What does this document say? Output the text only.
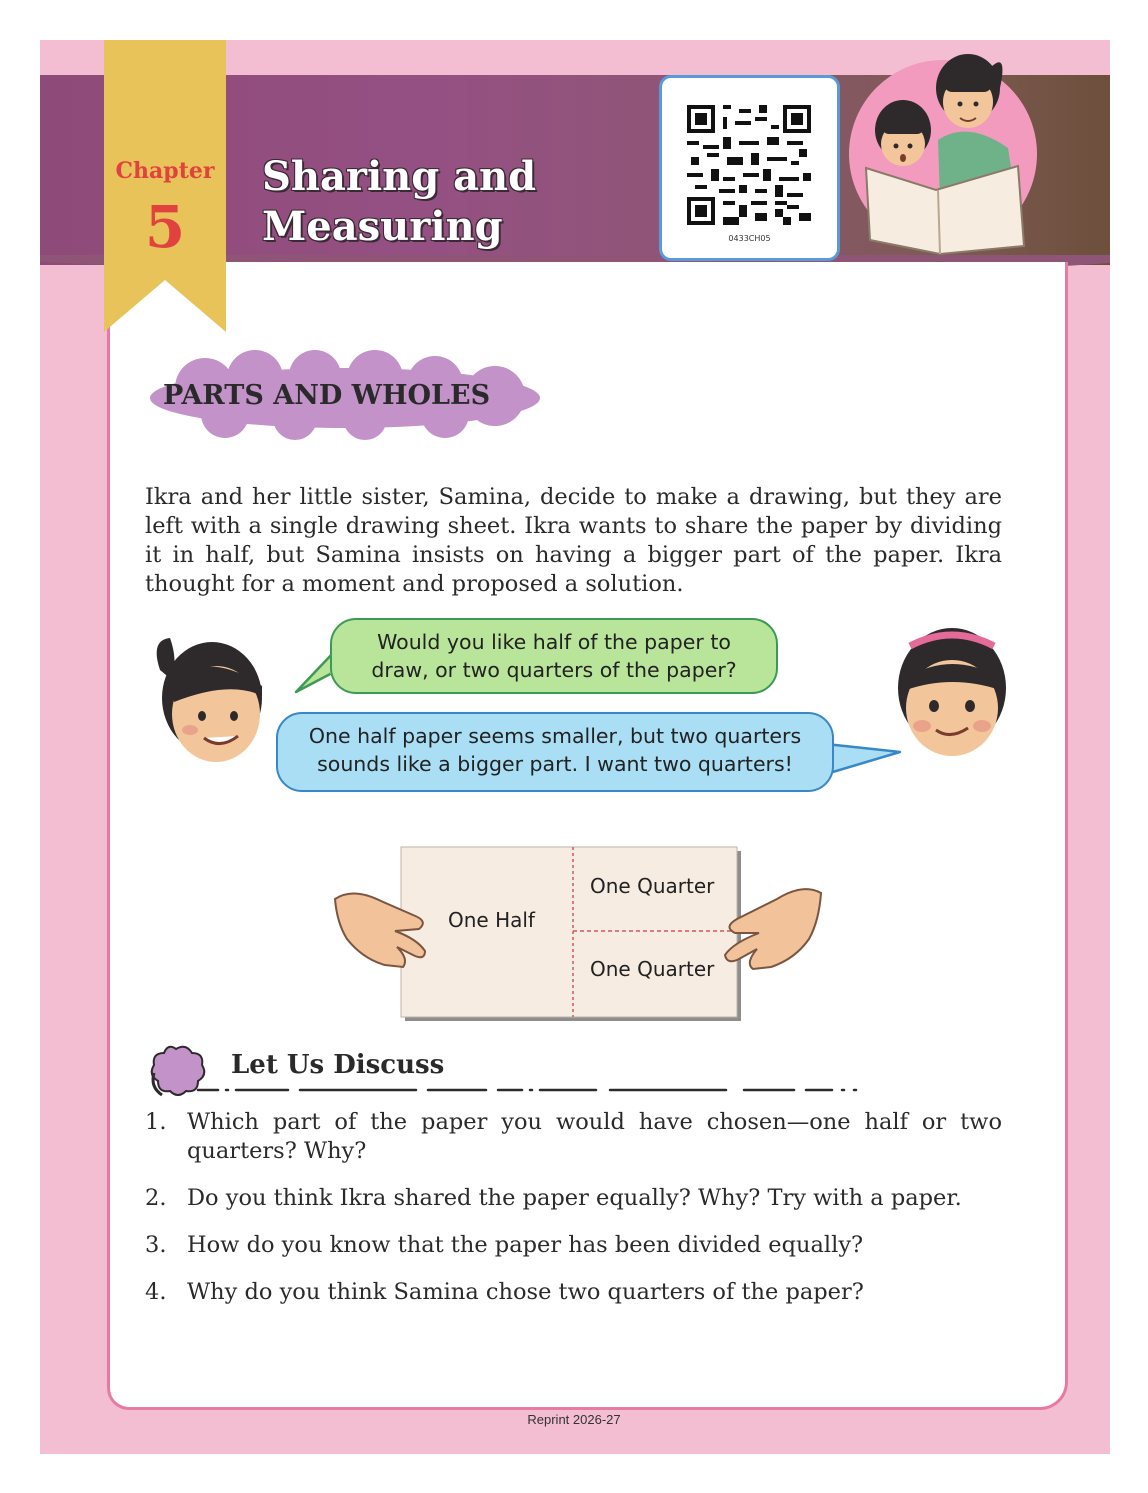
Chapter
5
Sharing and
Measuring	0433CH05
PARTS AND WHOLES

Ikra and her little sister, Samina, decide to make a drawing, but they are left with a single drawing sheet. Ikra wants to share the paper by dividing it in half, but Samina insists on having a bigger part of the paper. Ikra thought for a moment and proposed a solution.

Would you like half of the paper to
draw, or two quarters of the paper?
One half paper seems smaller, but two quarters
sounds like a bigger part. I want two quarters!
One Half
One Quarter
One Quarter
Let Us Discuss
1. Which part of the paper you would have chosen—one half or two quarters? Why?
2. Do you think Ikra shared the paper equally? Why? Try with a paper.
3. How do you know that the paper has been divided equally?
4. Why do you think Samina chose two quarters of the paper?
Reprint 2026-27
